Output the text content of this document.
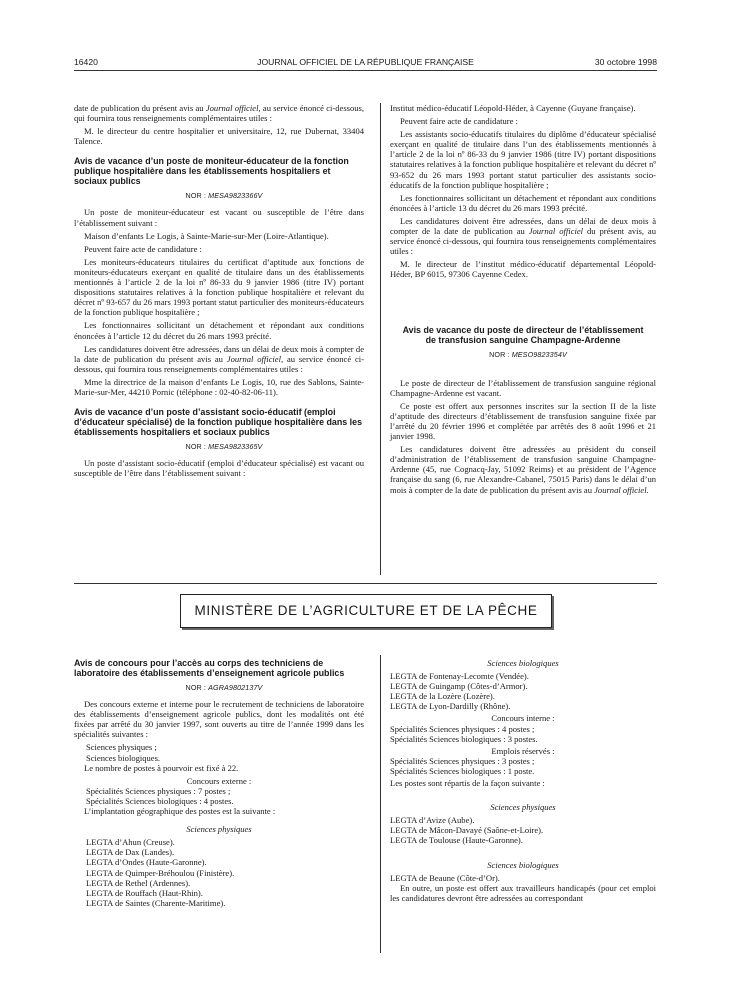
16420	JOURNAL OFFICIEL DE LA RÉPUBLIQUE FRANÇAISE	30 octobre 1998

date de publication du présent avis au Journal officiel, au service énoncé ci-dessous, qui fournira tous renseignements complémentaires utiles :

M. le directeur du centre hospitalier et universitaire, 12, rue Dubernat, 33404 Talence.

Avis de vacance d’un poste de moniteur-éducateur de la fonction publique hospitalière dans les établissements hospitaliers et sociaux publics

NOR : MESA9823366V

Un poste de moniteur-éducateur est vacant ou susceptible de l’être dans l’établissement suivant :

Maison d’enfants Le Logis, à Sainte-Marie-sur-Mer (Loire-Atlantique).

Peuvent faire acte de candidature :

Les moniteurs-éducateurs titulaires du certificat d’aptitude aux fonctions de moniteurs-éducateurs exerçant en qualité de titulaire dans un des établissements mentionnés à l’article 2 de la loi nº 86-33 du 9 janvier 1986 (titre IV) portant dispositions statutaires relatives à la fonction publique hospitalière et relevant du décret nº 93-657 du 26 mars 1993 portant statut particulier des moniteurs-éducateurs de la fonction publique hospitalière ;

Les fonctionnaires sollicitant un détachement et répondant aux conditions énoncées à l’article 12 du décret du 26 mars 1993 précité.

Les candidatures doivent être adressées, dans un délai de deux mois à compter de la date de publication du présent avis au Journal officiel, au service énoncé ci-dessous, qui fournira tous renseignements complémentaires utiles :

Mme la directrice de la maison d’enfants Le Logis, 10, rue des Sablons, Sainte-Marie-sur-Mer, 44210 Pornic (téléphone : 02-40-82-06-11).

Avis de vacance d’un poste d’assistant socio-éducatif (emploi d’éducateur spécialisé) de la fonction publique hospitalière dans les établissements hospitaliers et sociaux publics

NOR : MESA9823365V

Un poste d’assistant socio-éducatif (emploi d’éducateur spécialisé) est vacant ou susceptible de l’être dans l’établissement suivant :

Institut médico-éducatif Léopold-Héder, à Cayenne (Guyane française).

Peuvent faire acte de candidature :

Les assistants socio-éducatifs titulaires du diplôme d’éducateur spécialisé exerçant en qualité de titulaire dans l’un des établissements mentionnés à l’article 2 de la loi nº 86-33 du 9 janvier 1986 (titre IV) portant dispositions statutaires relatives à la fonction publique hospitalière et relevant du décret nº 93-652 du 26 mars 1993 portant statut particulier des assistants socio-éducatifs de la fonction publique hospitalière ;

Les fonctionnaires sollicitant un détachement et répondant aux conditions énoncées à l’article 13 du décret du 26 mars 1993 précité.

Les candidatures doivent être adressées, dans un délai de deux mois à compter de la date de publication au Journal officiel du présent avis, au service énoncé ci-dessous, qui fournira tous renseignements complémentaires utiles :

M. le directeur de l’institut médico-éducatif départemental Léopold-Héder, BP 6015, 97306 Cayenne Cedex.

Avis de vacance du poste de directeur de l’établissement de transfusion sanguine Champagne-Ardenne

NOR : MESO9823354V

Le poste de directeur de l’établissement de transfusion sanguine régional Champagne-Ardenne est vacant.

Ce poste est offert aux personnes inscrites sur la section II de la liste d’aptitude des directeurs d’établissement de transfusion sanguine fixée par l’arrêté du 20 février 1996 et complétée par arrêtés des 8 août 1996 et 21 janvier 1998.

Les candidatures doivent être adressées au président du conseil d’administration de l’établissement de transfusion sanguine Champagne-Ardenne (45, rue Cognacq-Jay, 51092 Reims) et au président de l’Agence française du sang (6, rue Alexandre-Cabanel, 75015 Paris) dans le délai d’un mois à compter de la date de publication du présent avis au Journal officiel.

MINISTÈRE DE L’AGRICULTURE ET DE LA PÊCHE
Avis de concours pour l’accès au corps des techniciens de laboratoire des établissements d’enseignement agricole publics

NOR : AGRA9802137V

Des concours externe et interne pour le recrutement de techniciens de laboratoire des établissements d’enseignement agricole publics, dont les modalités ont été fixées par arrêté du 30 janvier 1997, sont ouverts au titre de l’année 1999 dans les spécialités suivantes :

Sciences physiques ;

Sciences biologiques.

Le nombre de postes à pourvoir est fixé à 22.

Concours externe :

Spécialités Sciences physiques : 7 postes ;

Spécialités Sciences biologiques : 4 postes.

L’implantation géographique des postes est la suivante :

Sciences physiques

LEGTA d’Ahun (Creuse).

LEGTA de Dax (Landes).

LEGTA d’Ondes (Haute-Garonne).

LEGTA de Quimper-Bréhoulou (Finistère).

LEGTA de Rethel (Ardennes).

LEGTA de Rouffach (Haut-Rhin).

LEGTA de Saintes (Charente-Maritime).

Sciences biologiques

LEGTA de Fontenay-Lecomte (Vendée).

LEGTA de Guingamp (Côtes-d’Armor).

LEGTA de la Lozère (Lozère).

LEGTA de Lyon-Dardilly (Rhône).

Concours interne :

Spécialités Sciences physiques : 4 postes ;

Spécialités Sciences biologiques : 3 postes.

Emplois réservés :

Spécialités Sciences physiques : 3 postes ;

Spécialités Sciences biologiques : 1 poste.

Les postes sont répartis de la façon suivante :

Sciences physiques

LEGTA d’Avize (Aube).

LEGTA de Mâcon-Davayé (Saône-et-Loire).

LEGTA de Toulouse (Haute-Garonne).

Sciences biologiques

LEGTA de Beaune (Côte-d’Or).

En outre, un poste est offert aux travailleurs handicapés (pour cet emploi les candidatures devront être adressées au correspondant
